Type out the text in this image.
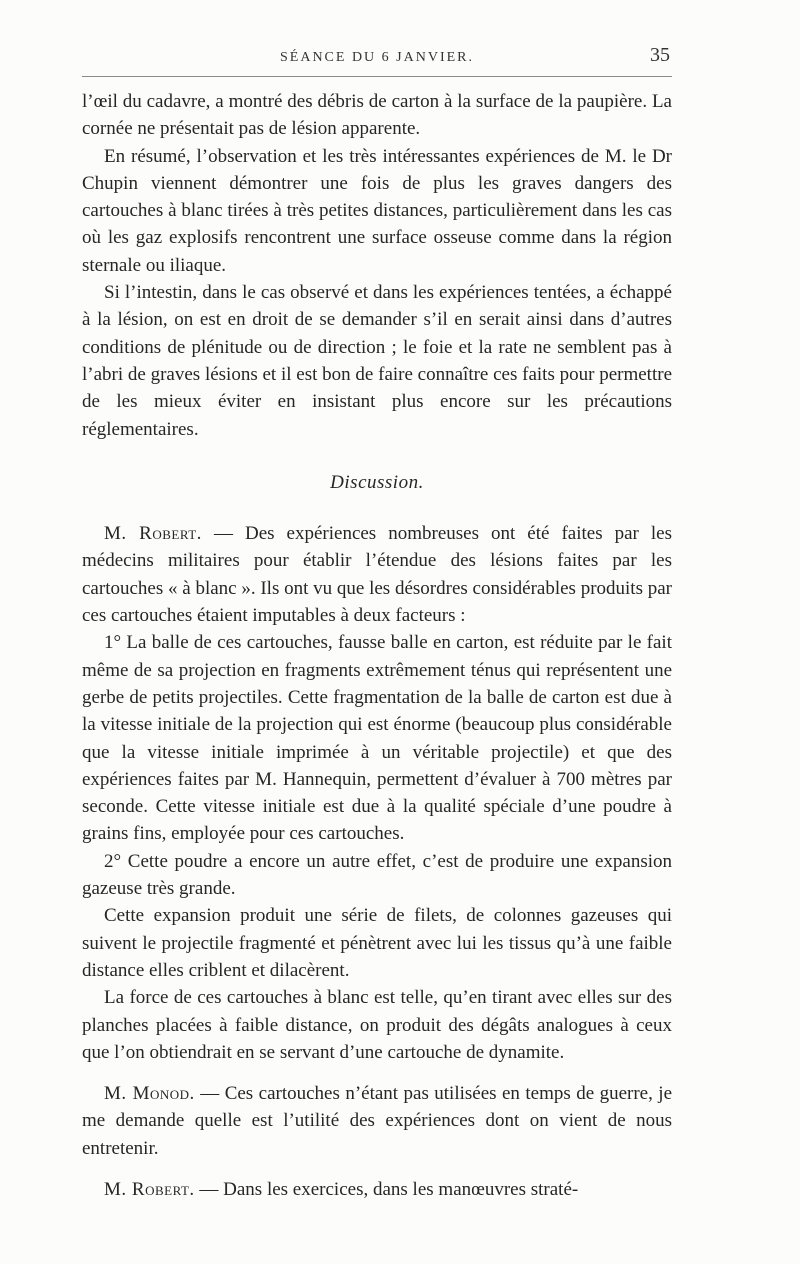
SÉANCE DU 6 JANVIER.	35

l’œil du cadavre, a montré des débris de carton à la surface de la paupière. La cornée ne présentait pas de lésion apparente.

En résumé, l’observation et les très intéressantes expériences de M. le Dr Chupin viennent démontrer une fois de plus les graves dangers des cartouches à blanc tirées à très petites distances, particulièrement dans les cas où les gaz explosifs rencontrent une surface osseuse comme dans la région sternale ou iliaque.

Si l’intestin, dans le cas observé et dans les expériences tentées, a échappé à la lésion, on est en droit de se demander s’il en serait ainsi dans d’autres conditions de plénitude ou de direction ; le foie et la rate ne semblent pas à l’abri de graves lésions et il est bon de faire connaître ces faits pour permettre de les mieux éviter en insistant plus encore sur les précautions réglementaires.

Discussion.

M. Robert. — Des expériences nombreuses ont été faites par les médecins militaires pour établir l’étendue des lésions faites par les cartouches « à blanc ». Ils ont vu que les désordres considérables produits par ces cartouches étaient imputables à deux facteurs :

1° La balle de ces cartouches, fausse balle en carton, est réduite par le fait même de sa projection en fragments extrêmement ténus qui représentent une gerbe de petits projectiles. Cette fragmentation de la balle de carton est due à la vitesse initiale de la projection qui est énorme (beaucoup plus considérable que la vitesse initiale imprimée à un véritable projectile) et que des expériences faites par M. Hannequin, permettent d’évaluer à 700 mètres par seconde. Cette vitesse initiale est due à la qualité spéciale d’une poudre à grains fins, employée pour ces cartouches.

2° Cette poudre a encore un autre effet, c’est de produire une expansion gazeuse très grande.

Cette expansion produit une série de filets, de colonnes gazeuses qui suivent le projectile fragmenté et pénètrent avec lui les tissus qu’à une faible distance elles criblent et dilacèrent.

La force de ces cartouches à blanc est telle, qu’en tirant avec elles sur des planches placées à faible distance, on produit des dégâts analogues à ceux que l’on obtiendrait en se servant d’une cartouche de dynamite.

M. Monod. — Ces cartouches n’étant pas utilisées en temps de guerre, je me demande quelle est l’utilité des expériences dont on vient de nous entretenir.

M. Robert. — Dans les exercices, dans les manœuvres straté-
